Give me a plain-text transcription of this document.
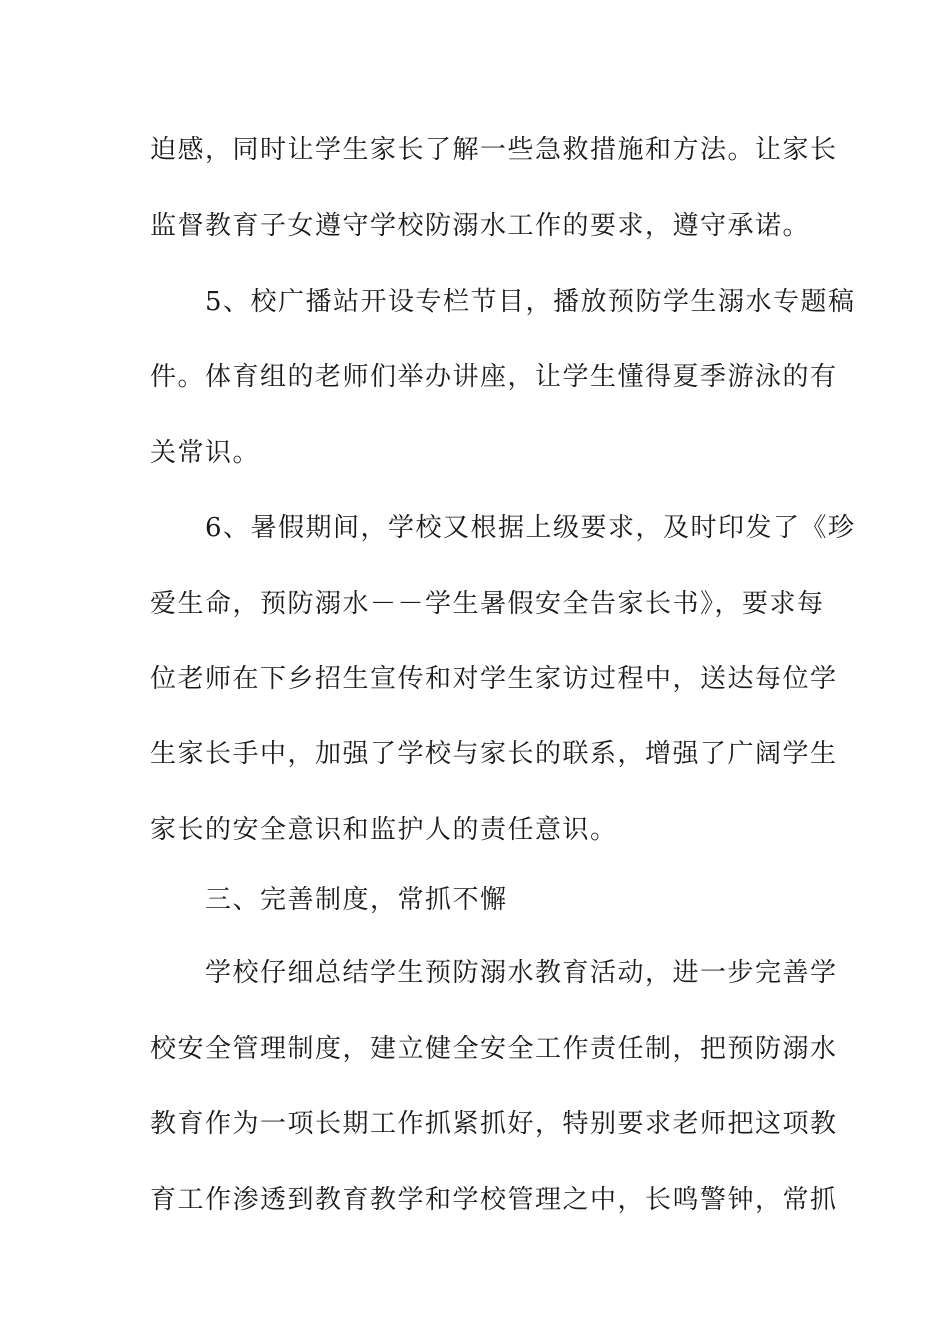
迫感，同时让学生家长了解一些急救措施和方法。让家长
监督教育子女遵守学校防溺水工作的要求，遵守承诺。
　　5、校广播站开设专栏节目，播放预防学生溺水专题稿
件。体育组的老师们举办讲座，让学生懂得夏季游泳的有
关常识。
　　6、暑假期间，学校又根据上级要求，及时印发了《珍
爱生命，预防溺水－－学生暑假安全告家长书》，要求每
位老师在下乡招生宣传和对学生家访过程中，送达每位学
生家长手中，加强了学校与家长的联系，增强了广阔学生
家长的安全意识和监护人的责任意识。
　　三、完善制度，常抓不懈
　　学校仔细总结学生预防溺水教育活动，进一步完善学
校安全管理制度，建立健全安全工作责任制，把预防溺水
教育作为一项长期工作抓紧抓好，特别要求老师把这项教
育工作渗透到教育教学和学校管理之中，长鸣警钟，常抓
